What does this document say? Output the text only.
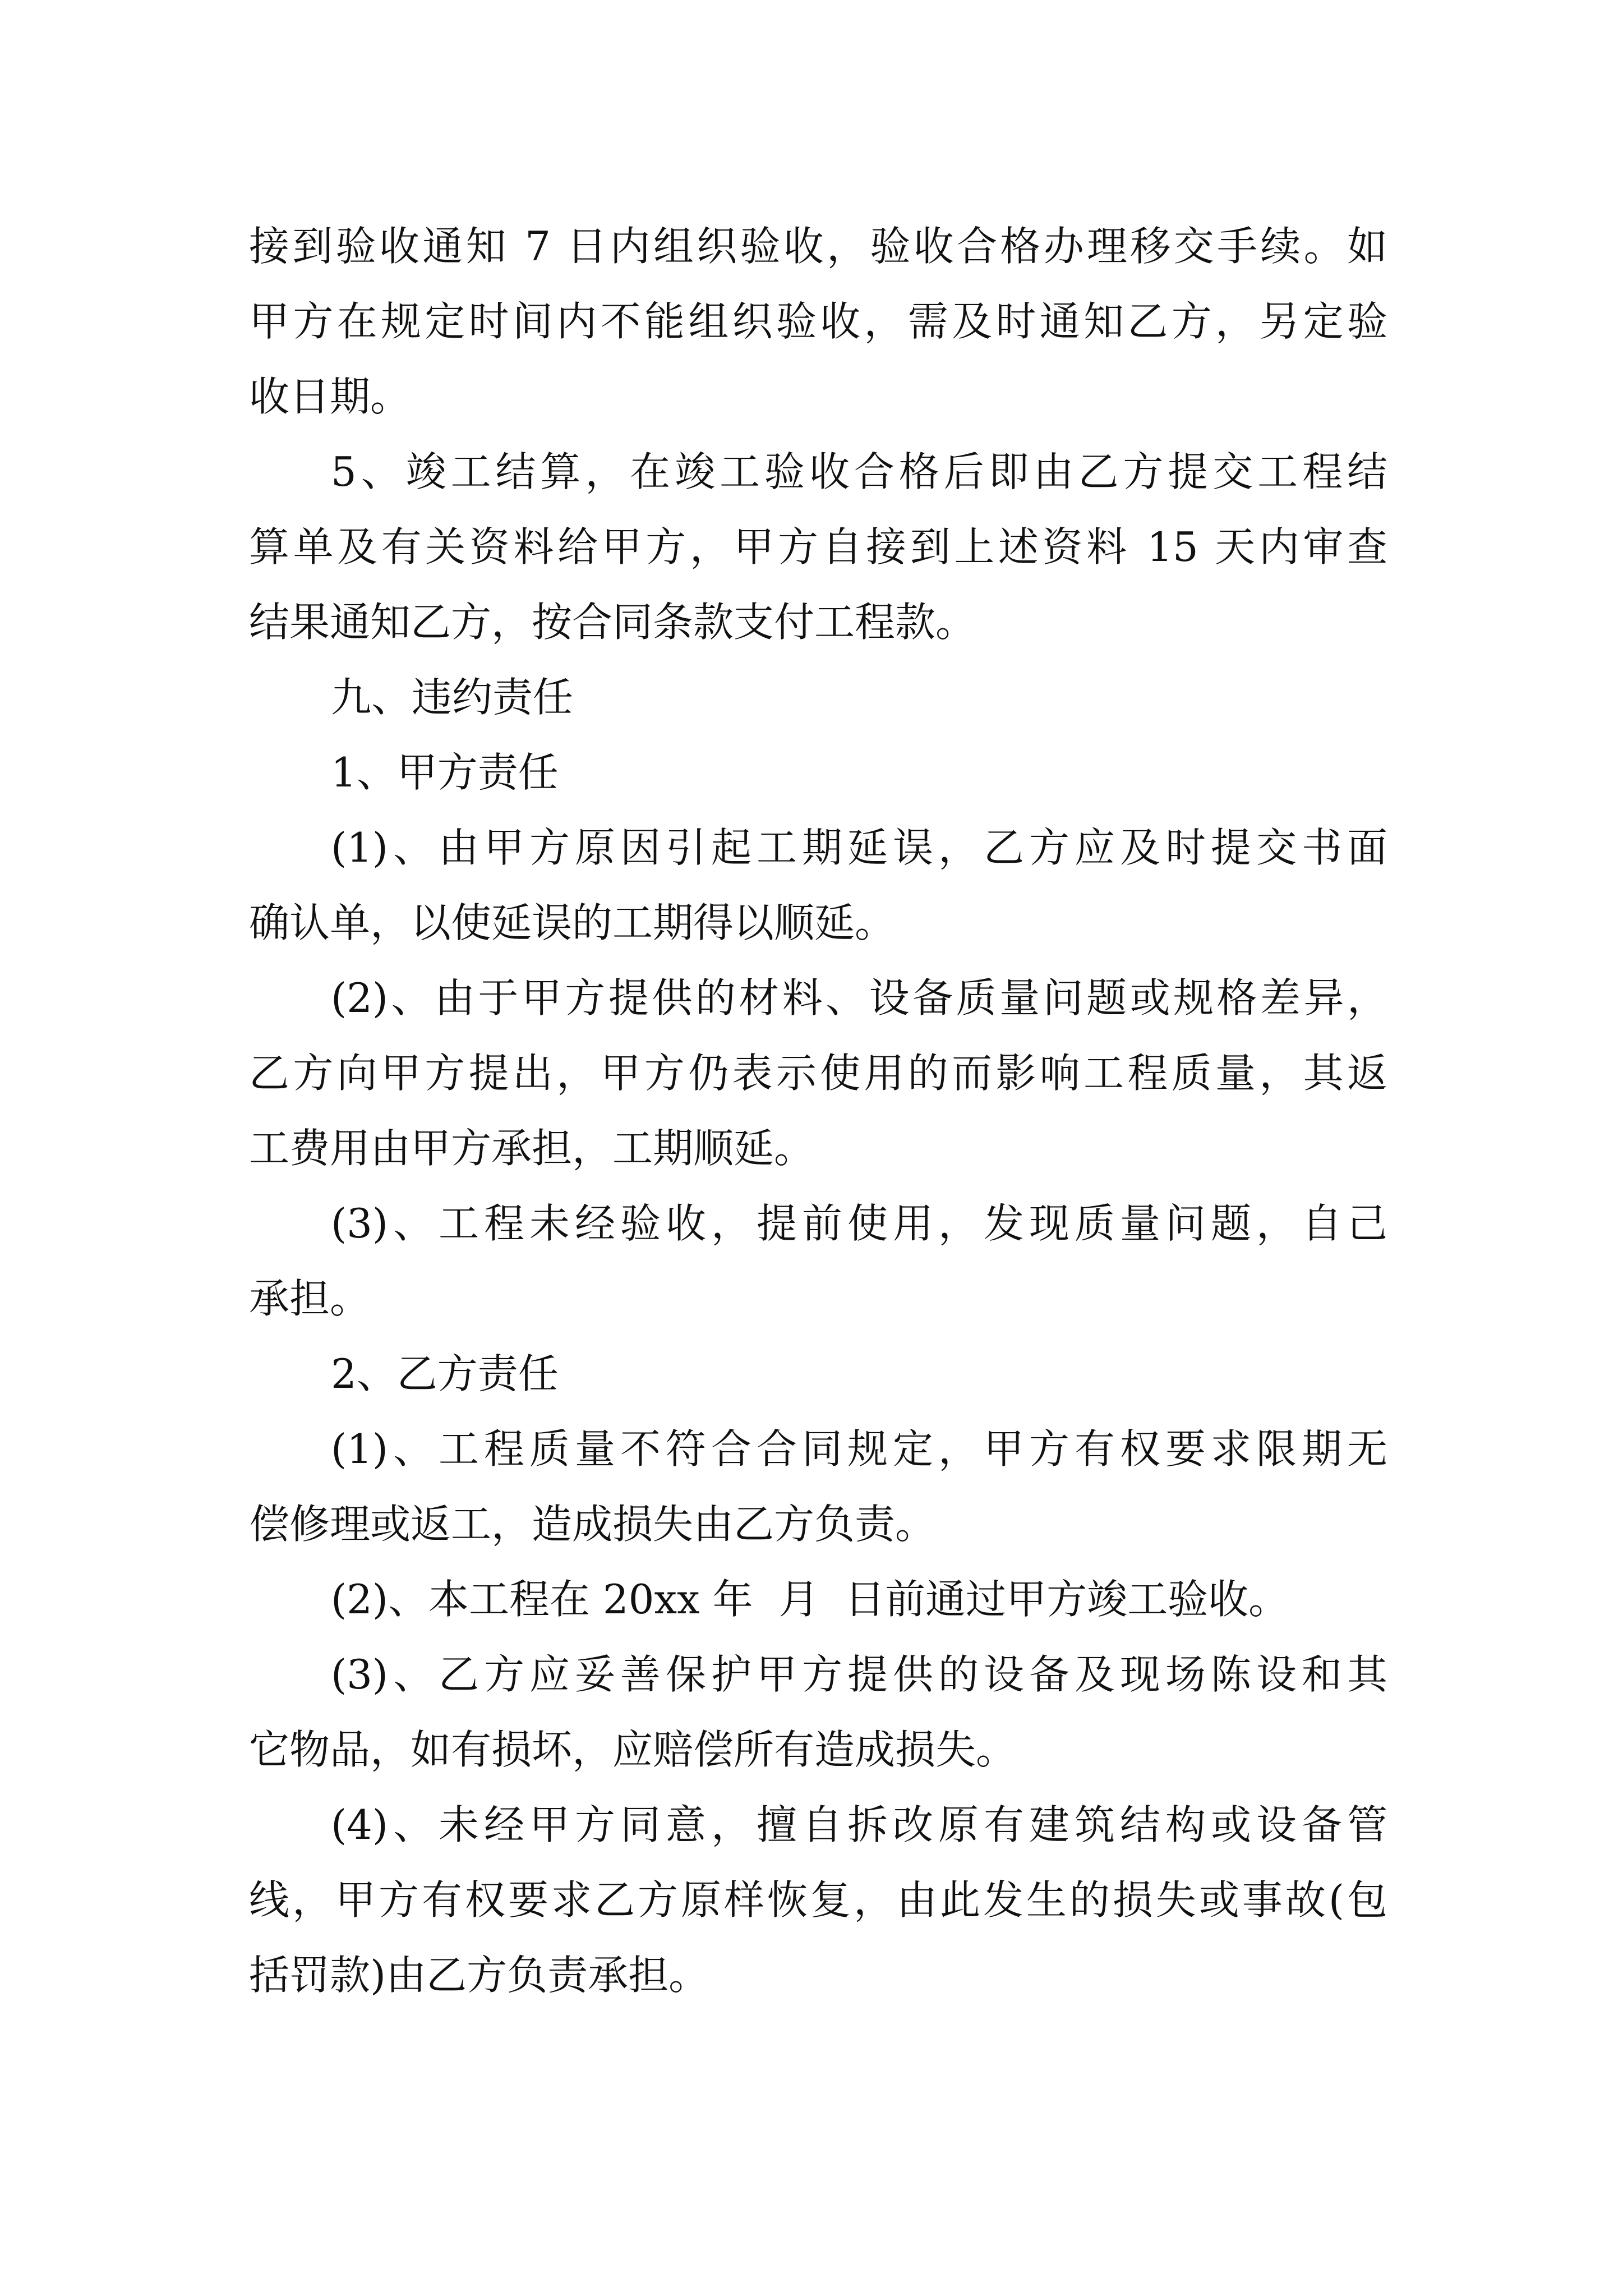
接到验收通知 7 日内组织验收，验收合格办理移交手续。如
甲方在规定时间内不能组织验收，需及时通知乙方，另定验
收日期。
5、竣工结算，在竣工验收合格后即由乙方提交工程结
算单及有关资料给甲方，甲方自接到上述资料 15 天内审查
结果通知乙方，按合同条款支付工程款。
九、违约责任
1、甲方责任
(1)、由甲方原因引起工期延误，乙方应及时提交书面
确认单，以使延误的工期得以顺延。
(2)、由于甲方提供的材料、设备质量问题或规格差异，
乙方向甲方提出，甲方仍表示使用的而影响工程质量，其返
工费用由甲方承担，工期顺延。
(3)、工程未经验收，提前使用，发现质量问题，自己
承担。
2、乙方责任
(1)、工程质量不符合合同规定，甲方有权要求限期无
偿修理或返工，造成损失由乙方负责。
(2)、本工程在 20xx 年  月  日前通过甲方竣工验收。
(3)、乙方应妥善保护甲方提供的设备及现场陈设和其
它物品，如有损坏，应赔偿所有造成损失。
(4)、未经甲方同意，擅自拆改原有建筑结构或设备管
线，甲方有权要求乙方原样恢复，由此发生的损失或事故(包
括罚款)由乙方负责承担。
